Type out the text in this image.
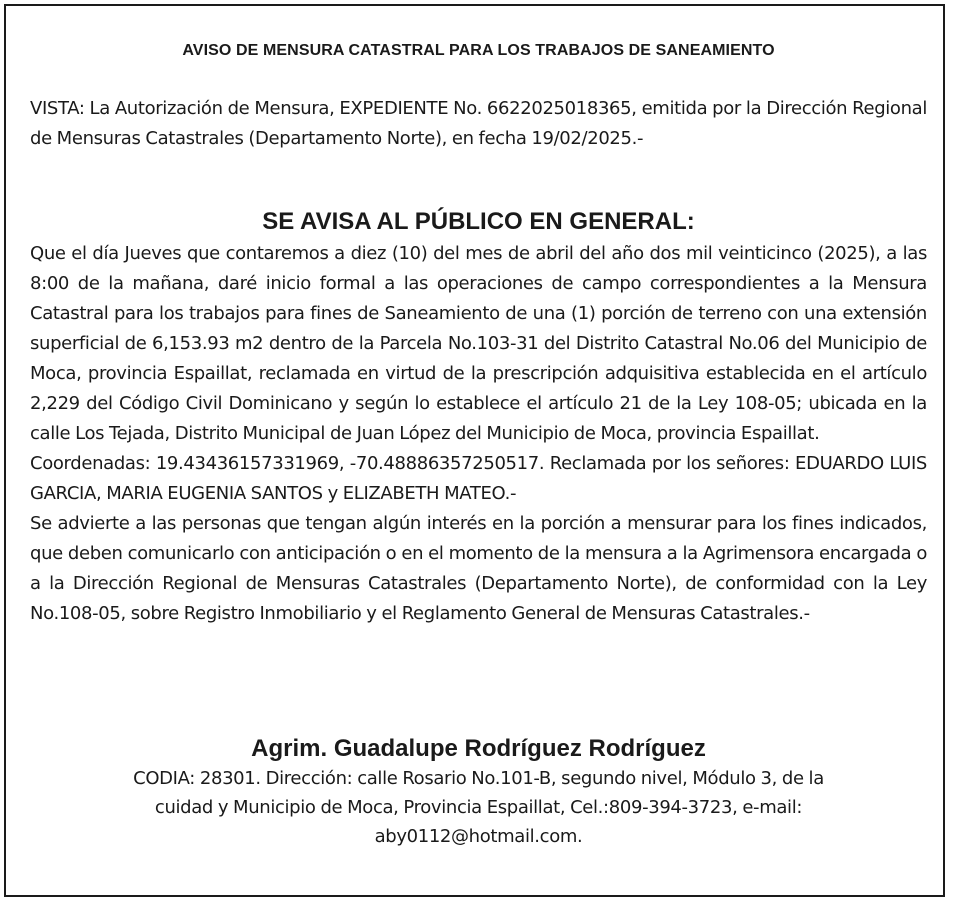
AVISO DE MENSURA CATASTRAL PARA LOS TRABAJOS DE SANEAMIENTO

VISTA: La Autorización de Mensura, EXPEDIENTE No. 6622025018365, emitida por la Dirección Regional de Mensuras Catastrales (Departamento Norte), en fecha 19/02/2025.-

SE AVISA AL PÚBLICO EN GENERAL:

Que el día Jueves que contaremos a diez (10) del mes de abril del año dos mil veinticinco (2025), a las 8:00 de la mañana, daré inicio formal a las operaciones de campo correspondientes a la Mensura Catastral para los trabajos para fines de Saneamiento de una (1) porción de terreno con una extensión superficial de 6,153.93 m2 dentro de la Parcela No.103-31 del Distrito Catastral No.06 del Municipio de Moca, provincia Espaillat, reclamada en virtud de la prescripción adquisitiva establecida en el artículo 2,229 del Código Civil Dominicano y según lo establece el artículo 21 de la Ley 108-05; ubicada en la calle Los Tejada, Distrito Municipal de Juan López del Municipio de Moca, provincia Espaillat.

Coordenadas: 19.43436157331969, -70.48886357250517. Reclamada por los señores: EDUARDO LUIS GARCIA, MARIA EUGENIA SANTOS y ELIZABETH MATEO.-

Se advierte a las personas que tengan algún interés en la porción a mensurar para los fines indicados, que deben comunicarlo con anticipación o en el momento de la mensura a la Agrimensora encargada o a la Dirección Regional de Mensuras Catastrales (Departamento Norte), de conformidad con la Ley No.108-05, sobre Registro Inmobiliario y el Reglamento General de Mensuras Catastrales.-

Agrim. Guadalupe Rodríguez Rodríguez
CODIA: 28301. Dirección: calle Rosario No.101-B, segundo nivel, Módulo 3, de la
cuidad y Municipio de Moca, Provincia Espaillat, Cel.:809-394-3723, e-mail:
aby0112@hotmail.com.
